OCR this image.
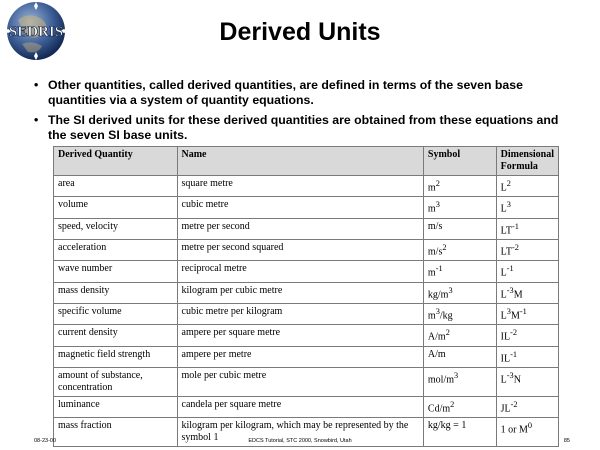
SEDRIS	Derived Units
• Other quantities, called derived quantities, are defined in terms of the seven base quantities via a system of quantity equations.
• The SI derived units for these derived quantities are obtained from these equations and the seven SI base units.
Derived Quantity	Name	Symbol	Dimensional Formula
area	square metre	$m^2$	$L^2$
volume	cubic metre	$m^3$	$L^3$
speed, velocity	metre per second	m/s	$LT^{-1}$
acceleration	metre per second squared	$m/s^2$	$LT^{-2}$
wave number	reciprocal metre	$m^{-1}$	$L^{-1}$
mass density	kilogram per cubic metre	$kg/m^3$	$L^{-3}M$
specific volume	cubic metre per kilogram	$m^3/kg$	$L^3M^{-1}$
current density	ampere per square metre	$A/m^2$	$IL^{-2}$
magnetic field strength	ampere per metre	A/m	$IL^{-1}$
amount of substance, concentration	mole per cubic metre	mol/$m^3$	$L^{-3}N$
luminance	candela per square metre	$Cd/m^2$	$JL^{-2}$
mass fraction	kilogram per kilogram, which may be represented by the symbol 1	kg/kg = 1	1 or $M^0$
08-23-00	EDCS Tutorial, STC 2000, Snowbird, Utah	85
